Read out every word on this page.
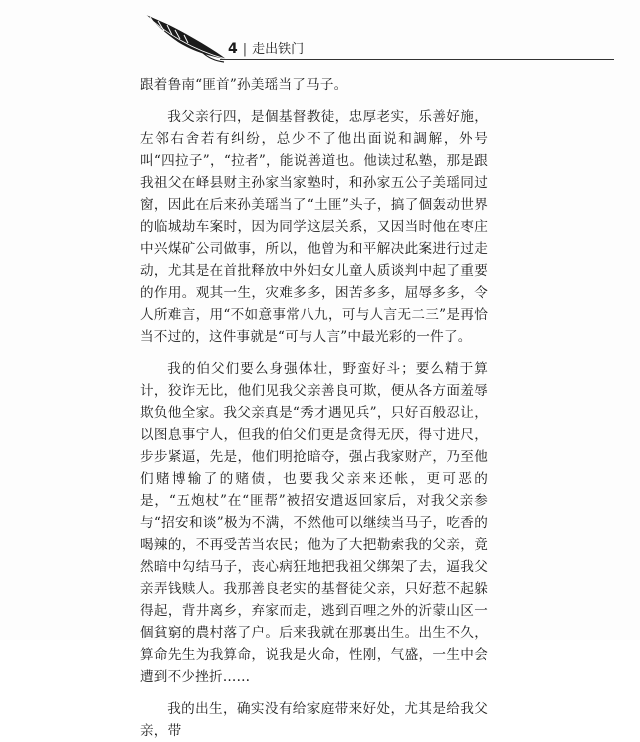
4 | 走出铁门

跟着鲁南“匪首”孙美瑶当了马子。

我父亲行四，是個基督教徒，忠厚老实，乐善好施，左邻右舍若有纠纷，总少不了他出面说和調解，外号叫“四拉子”，“拉者”，能说善道也。他读过私塾，那是跟我祖父在峄县财主孙家当家塾时，和孙家五公子美瑶同过窗，因此在后来孙美瑶当了“土匪”头子，搞了個轰动世界的临城劫车案时，因为同学这层关系，又因当时他在枣庄中兴煤矿公司做事，所以，他曾为和平解决此案进行过走动，尤其是在首批释放中外妇女儿童人质谈判中起了重要的作用。观其一生，灾难多多，困苦多多，屈辱多多，令人所难言，用“不如意事常八九，可与人言无二三”是再恰当不过的，这件事就是“可与人言”中最光彩的一件了。

我的伯父们要么身强体壮，野蛮好斗；要么精于算计，狡诈无比，他们见我父亲善良可欺，便从各方面羞辱欺负他全家。我父亲真是“秀才遇见兵”，只好百般忍让，以图息事宁人，但我的伯父们更是贪得无厌，得寸进尺，步步紧逼，先是，他们明抢暗夺，强占我家财产，乃至他们赌博输了的赌债，也要我父亲来还帐，更可恶的是，“五炮杖”在“匪帮”被招安遣返回家后，对我父亲参与“招安和谈”极为不满，不然他可以继续当马子，吃香的喝辣的，不再受苦当农民；他为了大把勒索我的父亲，竟然暗中勾结马子，丧心病狂地把我祖父绑架了去，逼我父亲弄钱赎人。我那善良老实的基督徒父亲，只好惹不起躲得起，背井离乡，弃家而走，逃到百哩之外的沂蒙山区一個貧窮的農村落了户。后来我就在那裏出生。出生不久，算命先生为我算命，说我是火命，性刚，气盛，一生中会遭到不少挫折……

我的出生，确实没有给家庭带来好处，尤其是给我父亲，带
